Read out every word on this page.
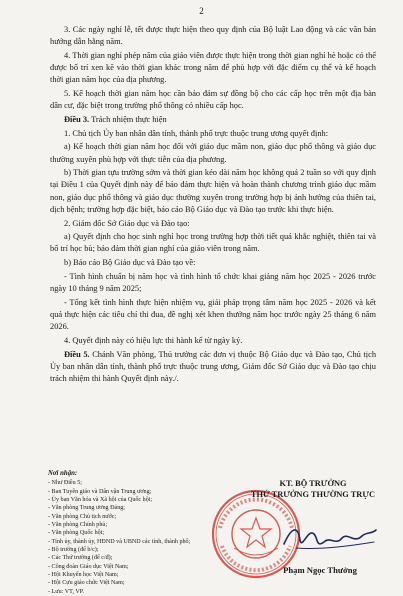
2

3. Các ngày nghỉ lễ, tết được thực hiện theo quy định của Bộ luật Lao động và các văn bản hướng dẫn hằng năm.

4. Thời gian nghỉ phép năm của giáo viên được thực hiện trong thời gian nghỉ hè hoặc có thể được bố trí xen kẽ vào thời gian khác trong năm để phù hợp với đặc điểm cụ thể và kế hoạch thời gian năm học của địa phương.

5. Kế hoạch thời gian năm học cần bảo đảm sự đồng bộ cho các cấp học trên một địa bàn dân cư, đặc biệt trong trường phổ thông có nhiều cấp học.

Điều 3. Trách nhiệm thực hiện

1. Chủ tịch Ủy ban nhân dân tỉnh, thành phố trực thuộc trung ương quyết định:

a) Kế hoạch thời gian năm học đối với giáo dục mầm non, giáo dục phổ thông và giáo dục thường xuyên phù hợp với thực tiễn của địa phương.

b) Thời gian tựu trường sớm và thời gian kéo dài năm học không quá 2 tuần so với quy định tại Điều 1 của Quyết định này để bảo đảm thực hiện và hoàn thành chương trình giáo dục mầm non, giáo dục phổ thông và giáo dục thường xuyên trong trường hợp bị ảnh hưởng của thiên tai, dịch bệnh; trường hợp đặc biệt, báo cáo Bộ Giáo dục và Đào tạo trước khi thực hiện.

2. Giám đốc Sở Giáo dục và Đào tạo:

a) Quyết định cho học sinh nghỉ học trong trường hợp thời tiết quá khắc nghiệt, thiên tai và bố trí học bù; bảo đảm thời gian nghỉ của giáo viên trong năm.

b) Báo cáo Bộ Giáo dục và Đào tạo về:

- Tình hình chuẩn bị năm học và tình hình tổ chức khai giảng năm học 2025 - 2026 trước ngày 10 tháng 9 năm 2025;

- Tổng kết tình hình thực hiện nhiệm vụ, giải pháp trọng tâm năm học 2025 - 2026 và kết quả thực hiện các tiêu chí thi đua, đề nghị xét khen thưởng năm học trước ngày 25 tháng 6 năm 2026.

4. Quyết định này có hiệu lực thi hành kể từ ngày ký.

Điều 5. Chánh Văn phòng, Thủ trưởng các đơn vị thuộc Bộ Giáo dục và Đào tạo, Chủ tịch Ủy ban nhân dân tỉnh, thành phố trực thuộc trung ương, Giám đốc Sở Giáo dục và Đào tạo chịu trách nhiệm thi hành Quyết định này./.

Nơi nhận:
- Như Điều 5;
- Ban Tuyên giáo và Dân vận Trung ương;
- Ủy ban Văn hóa và Xã hội của Quốc hội;
- Văn phòng Trung ương Đảng;
- Văn phòng Chủ tịch nước;
- Văn phòng Chính phủ;
- Văn phòng Quốc hội;
- Tỉnh ủy, thành ủy, HĐND và UBND các tỉnh, thành phố;
- Bộ trưởng (để b/c);
- Các Thứ trưởng (để c/đ);
- Công đoàn Giáo dục Việt Nam;
- Hội Khuyến học Việt Nam;
- Hội Cựu giáo chức Việt Nam;
- Lưu: VT, VP.
KT. BỘ TRƯỞNG
THỨ TRƯỞNG THƯỜNG TRỰC
Phạm Ngọc Thưởng
